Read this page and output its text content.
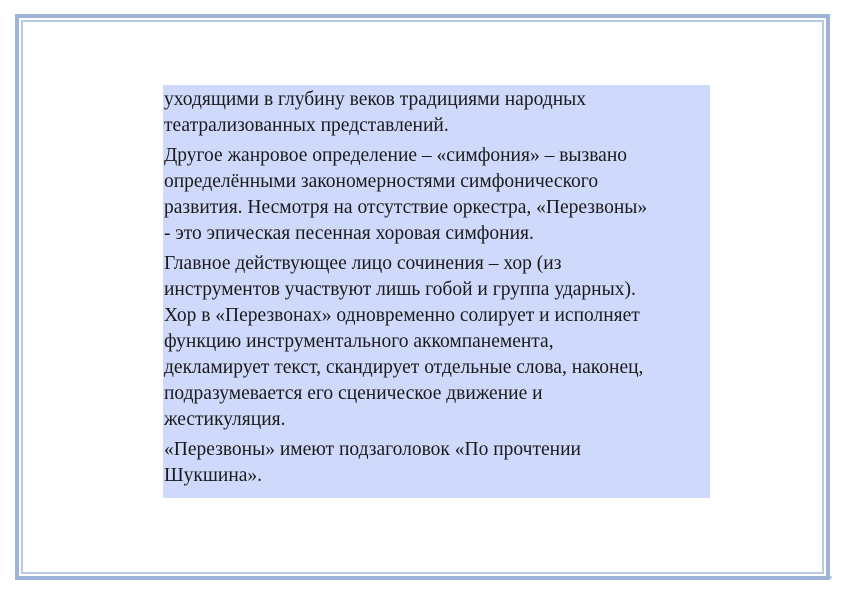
уходящими в глубину веков традициями народных
театрализованных представлений.

Другое жанровое определение – «симфония» – вызвано
определёнными закономерностями симфонического
развития. Несмотря на отсутствие оркестра, «Перезвоны»
- это эпическая песенная хоровая симфония.

Главное действующее лицо сочинения – хор (из
инструментов участвуют лишь гобой и группа ударных).
Хор в «Перезвонах» одновременно солирует и исполняет
функцию инструментального аккомпанемента,
декламирует текст, скандирует отдельные слова, наконец,
подразумевается его сценическое движение и
жестикуляция.

«Перезвоны» имеют подзаголовок «По прочтении
Шукшина».
